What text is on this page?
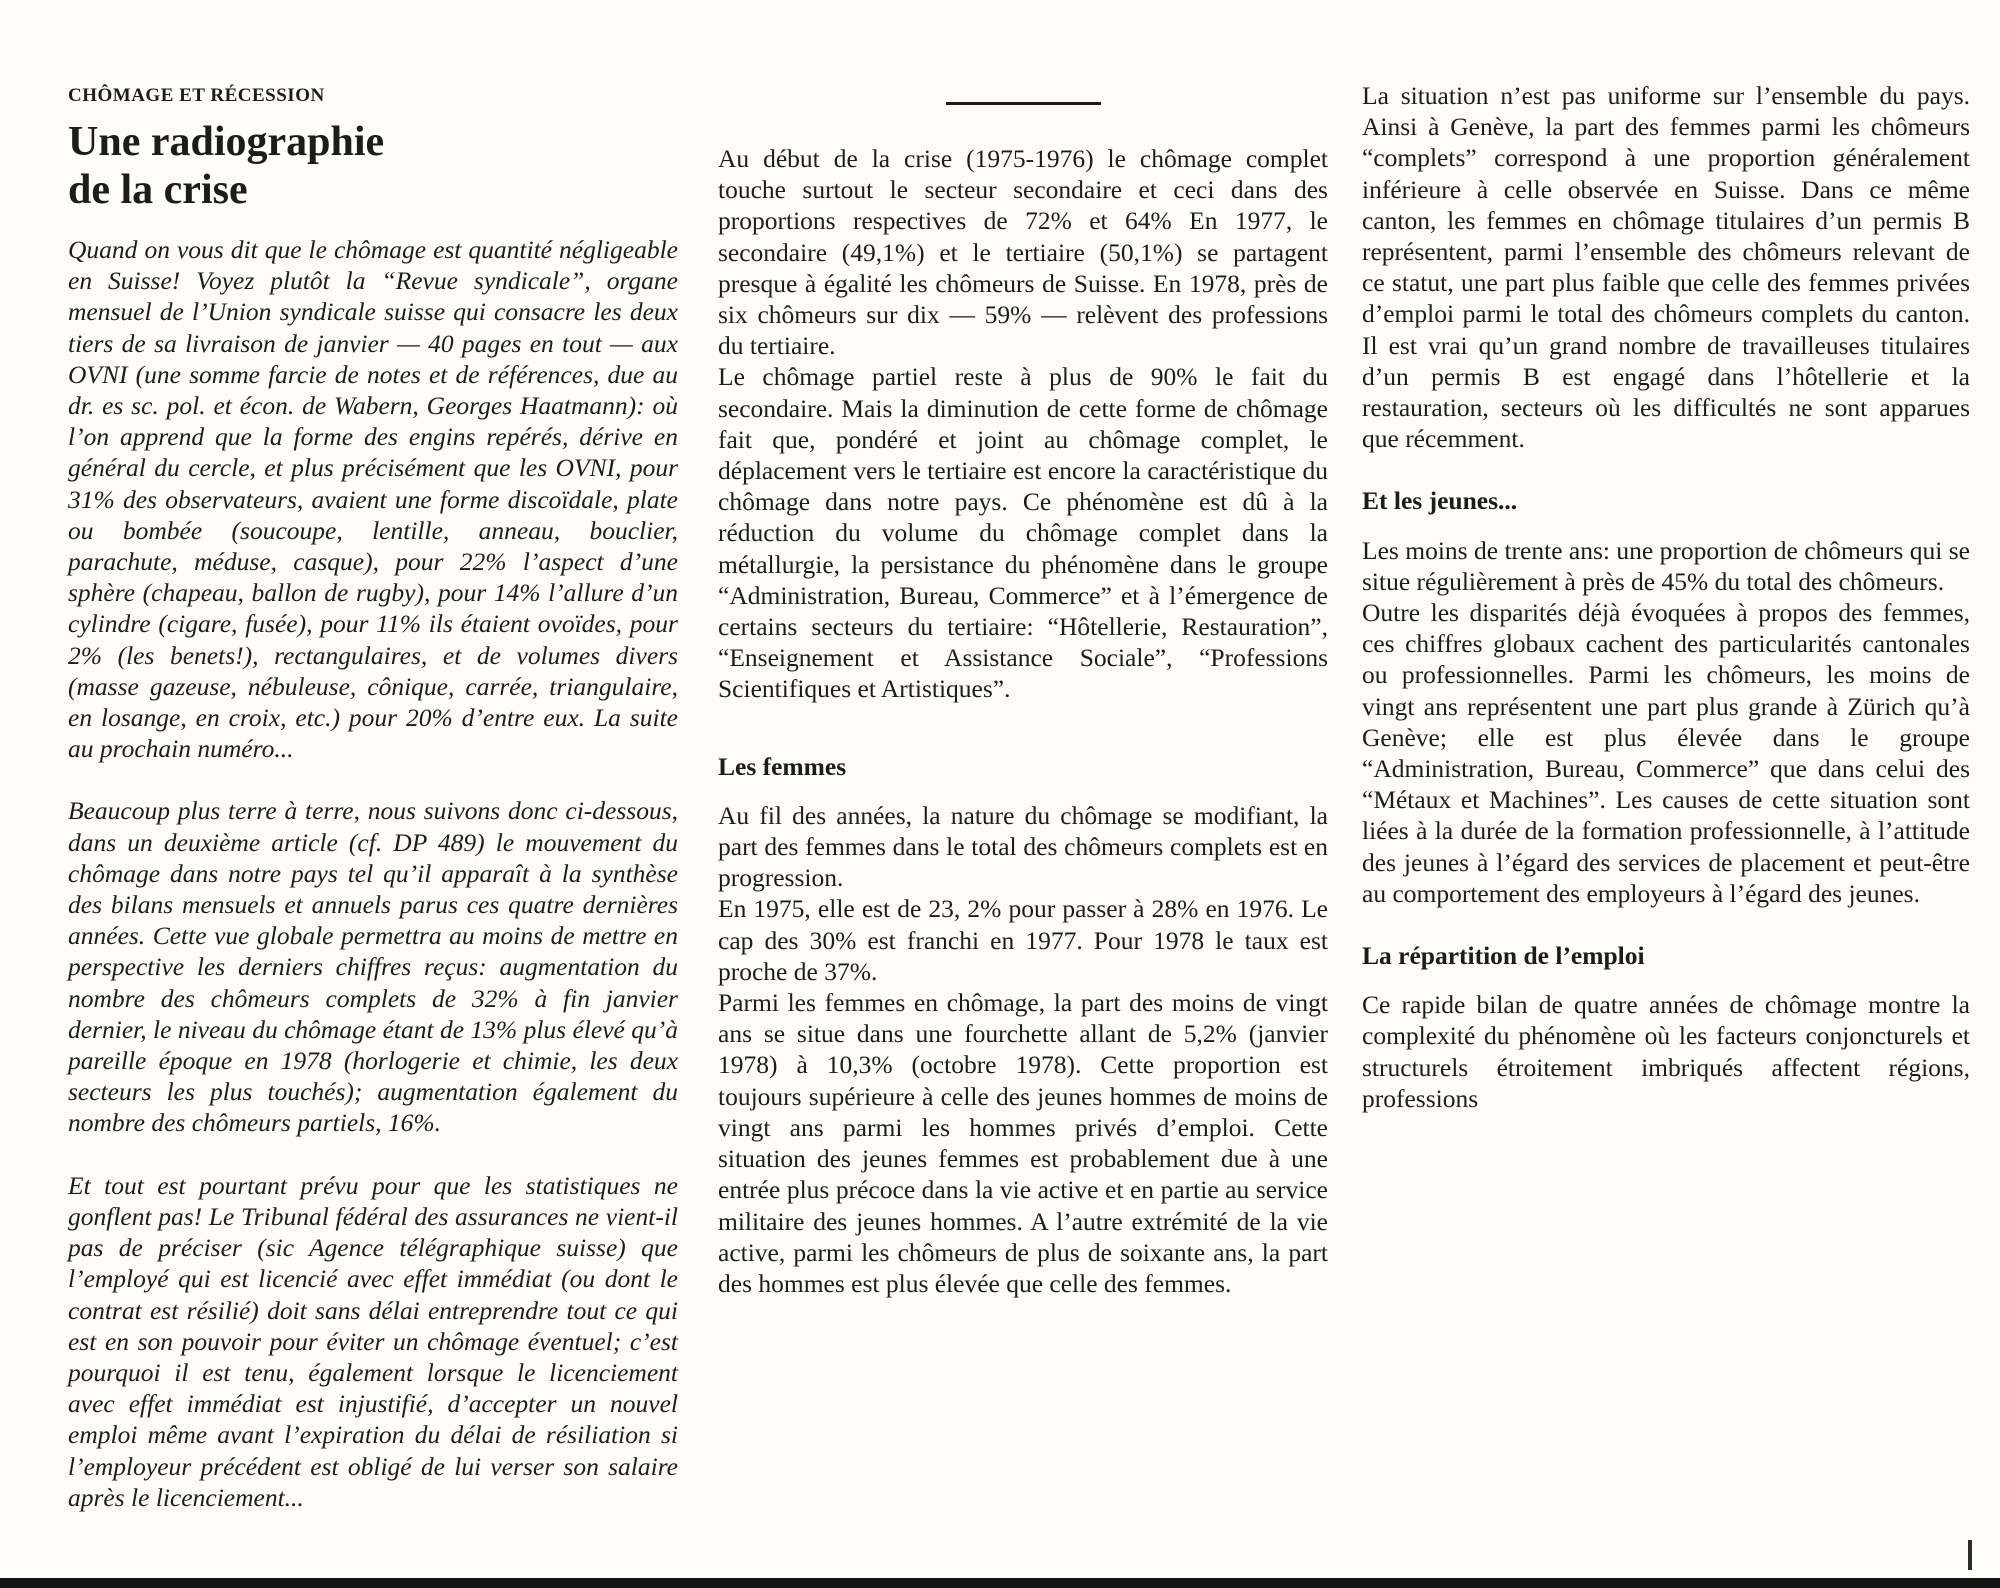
CHÔMAGE ET RÉCESSION
Une radiographie
de la crise

Quand on vous dit que le chômage est quantité négligeable en Suisse! Voyez plutôt la “Revue syndicale”, organe mensuel de l’Union syndicale suisse qui consacre les deux tiers de sa livraison de janvier — 40 pages en tout — aux OVNI (une somme farcie de notes et de références, due au dr. es sc. pol. et écon. de Wabern, Georges Haatmann): où l’on apprend que la forme des engins repérés, dérive en général du cercle, et plus précisément que les OVNI, pour 31% des observateurs, avaient une forme discoïdale, plate ou bombée (soucoupe, lentille, anneau, bouclier, parachute, méduse, casque), pour 22% l’aspect d’une sphère (chapeau, ballon de rugby), pour 14% l’allure d’un cylindre (cigare, fusée), pour 11% ils étaient ovoïdes, pour 2% (les benets!), rectangulaires, et de volumes divers (masse gazeuse, nébuleuse, cônique, carrée, triangulaire, en losange, en croix, etc.) pour 20% d’entre eux. La suite au prochain numéro...

Beaucoup plus terre à terre, nous suivons donc ci-dessous, dans un deuxième article (cf. DP 489) le mouvement du chômage dans notre pays tel qu’il apparaît à la synthèse des bilans mensuels et annuels parus ces quatre dernières années. Cette vue globale permettra au moins de mettre en perspective les derniers chiffres reçus: augmentation du nombre des chômeurs complets de 32% à fin janvier dernier, le niveau du chômage étant de 13% plus élevé qu’à pareille époque en 1978 (horlogerie et chimie, les deux secteurs les plus touchés); augmentation également du nombre des chômeurs partiels, 16%.

Et tout est pourtant prévu pour que les statistiques ne gonflent pas! Le Tribunal fédéral des assurances ne vient-il pas de préciser (sic Agence télégraphique suisse) que l’employé qui est licencié avec effet immédiat (ou dont le contrat est résilié) doit sans délai entreprendre tout ce qui est en son pouvoir pour éviter un chômage éventuel; c’est pourquoi il est tenu, également lorsque le licenciement avec effet immédiat est injustifié, d’accepter un nouvel emploi même avant l’expiration du délai de résiliation si l’employeur précédent est obligé de lui verser son salaire après le licenciement...

Au début de la crise (1975-1976) le chômage complet touche surtout le secteur secondaire et ceci dans des proportions respectives de 72% et 64% En 1977, le secondaire (49,1%) et le tertiaire (50,1%) se partagent presque à égalité les chômeurs de Suisse. En 1978, près de six chômeurs sur dix — 59% — relèvent des professions du tertiaire.

Le chômage partiel reste à plus de 90% le fait du secondaire. Mais la diminution de cette forme de chômage fait que, pondéré et joint au chômage complet, le déplacement vers le tertiaire est encore la caractéristique du chômage dans notre pays. Ce phénomène est dû à la réduction du volume du chômage complet dans la métallurgie, la persistance du phénomène dans le groupe “Administration, Bureau, Commerce” et à l’émergence de certains secteurs du tertiaire: “Hôtellerie, Restauration”, “Enseignement et Assistance Sociale”, “Professions Scientifiques et Artistiques”.

Les femmes

Au fil des années, la nature du chômage se modifiant, la part des femmes dans le total des chômeurs complets est en progression.

En 1975, elle est de 23, 2% pour passer à 28% en 1976. Le cap des 30% est franchi en 1977. Pour 1978 le taux est proche de 37%.

Parmi les femmes en chômage, la part des moins de vingt ans se situe dans une fourchette allant de 5,2% (janvier 1978) à 10,3% (octobre 1978). Cette proportion est toujours supérieure à celle des jeunes hommes de moins de vingt ans parmi les hommes privés d’emploi. Cette situation des jeunes femmes est probablement due à une entrée plus précoce dans la vie active et en partie au service militaire des jeunes hommes. A l’autre extrémité de la vie active, parmi les chômeurs de plus de soixante ans, la part des hommes est plus élevée que celle des femmes.

La situation n’est pas uniforme sur l’ensemble du pays. Ainsi à Genève, la part des femmes parmi les chômeurs “complets” correspond à une proportion généralement inférieure à celle observée en Suisse. Dans ce même canton, les femmes en chômage titulaires d’un permis B représentent, parmi l’ensemble des chômeurs relevant de ce statut, une part plus faible que celle des femmes privées d’emploi parmi le total des chômeurs complets du canton. Il est vrai qu’un grand nombre de travailleuses titulaires d’un permis B est engagé dans l’hôtellerie et la restauration, secteurs où les difficultés ne sont apparues que récemment.

Et les jeunes...

Les moins de trente ans: une proportion de chômeurs qui se situe régulièrement à près de 45% du total des chômeurs.

Outre les disparités déjà évoquées à propos des femmes, ces chiffres globaux cachent des particularités cantonales ou professionnelles. Parmi les chômeurs, les moins de vingt ans représentent une part plus grande à Zürich qu’à Genève; elle est plus élevée dans le groupe “Administration, Bureau, Commerce” que dans celui des “Métaux et Machines”. Les causes de cette situation sont liées à la durée de la formation professionnelle, à l’attitude des jeunes à l’égard des services de placement et peut-être au comportement des employeurs à l’égard des jeunes.

La répartition de l’emploi

Ce rapide bilan de quatre années de chômage montre la complexité du phénomène où les facteurs conjoncturels et structurels étroitement imbriqués affectent régions, professions
